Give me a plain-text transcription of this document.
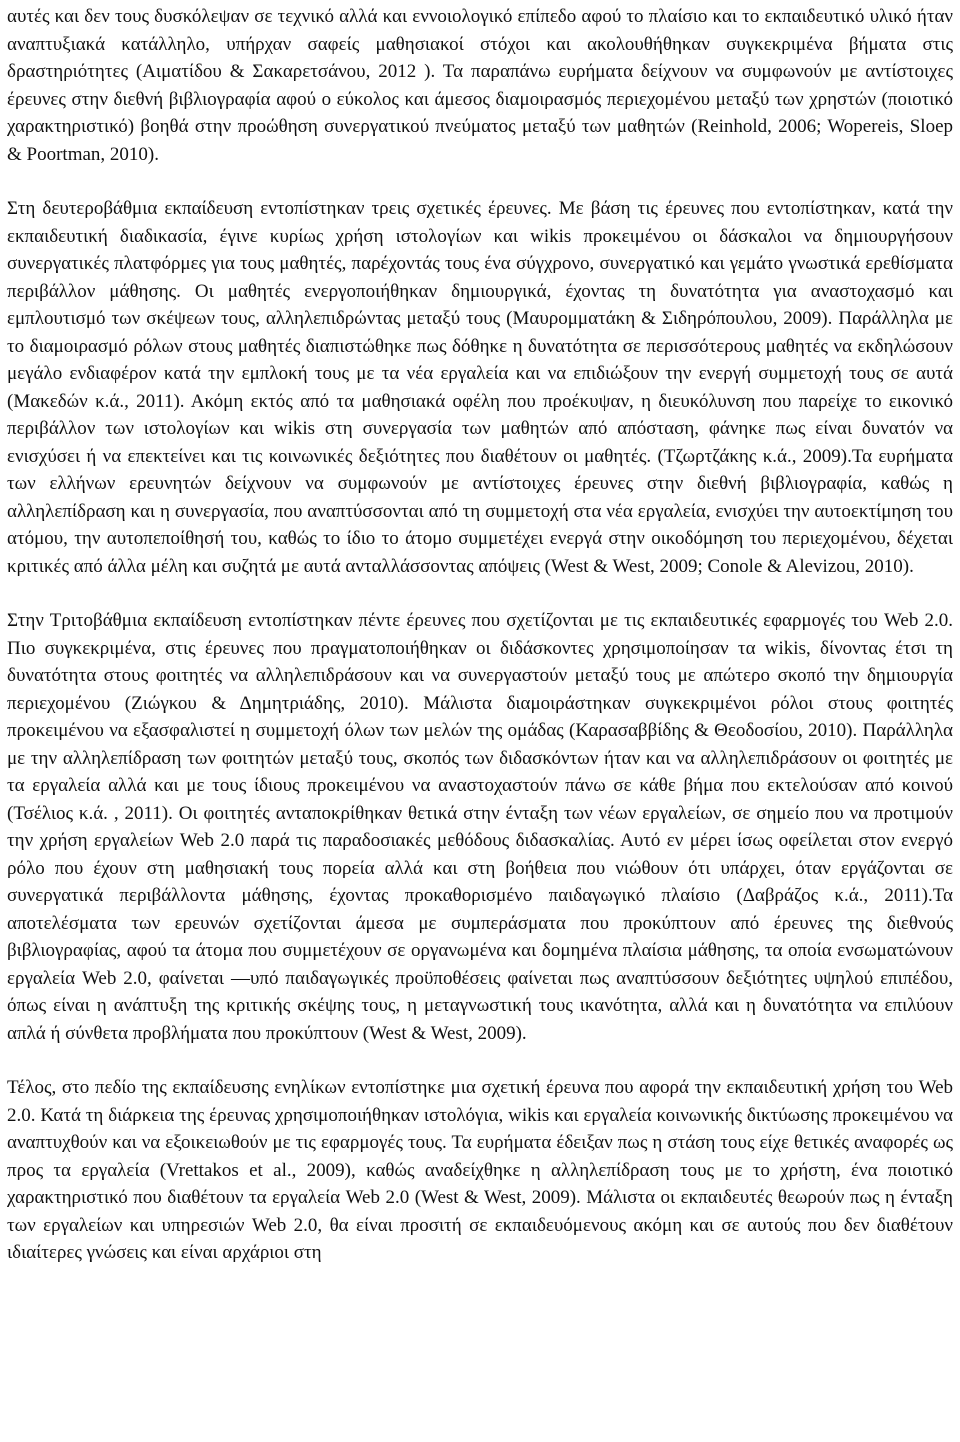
αυτές και δεν τους δυσκόλεψαν σε τεχνικό αλλά και εννοιολογικό επίπεδο αφού το πλαίσιο και το εκπαιδευτικό υλικό ήταν αναπτυξιακά κατάλληλο, υπήρχαν σαφείς μαθησιακοί στόχοι και ακολουθήθηκαν συγκεκριμένα βήματα στις δραστηριότητες (Αιματίδου & Σακαρετσάνου, 2012 ). Τα παραπάνω ευρήματα δείχνουν να συμφωνούν με αντίστοιχες έρευνες στην διεθνή βιβλιογραφία αφού ο εύκολος και άμεσος διαμοιρασμός περιεχομένου μεταξύ των χρηστών (ποιοτικό χαρακτηριστικό) βοηθά στην προώθηση συνεργατικού πνεύματος μεταξύ των μαθητών (Reinhold, 2006; Wopereis, Sloep & Poortman, 2010).

Στη δευτεροβάθμια εκπαίδευση εντοπίστηκαν τρεις σχετικές έρευνες. Με βάση τις έρευνες που εντοπίστηκαν, κατά την εκπαιδευτική διαδικασία, έγινε κυρίως χρήση ιστολογίων και wikis προκειμένου οι δάσκαλοι να δημιουργήσουν συνεργατικές πλατφόρμες για τους μαθητές, παρέχοντάς τους ένα σύγχρονο, συνεργατικό και γεμάτο γνωστικά ερεθίσματα περιβάλλον μάθησης. Οι μαθητές ενεργοποιήθηκαν δημιουργικά, έχοντας τη δυνατότητα για αναστοχασμό και εμπλουτισμό των σκέψεων τους, αλληλεπιδρώντας μεταξύ τους (Μαυρομματάκη & Σιδηρόπουλου, 2009). Παράλληλα με το διαμοιρασμό ρόλων στους μαθητές διαπιστώθηκε πως δόθηκε η δυνατότητα σε περισσότερους μαθητές να εκδηλώσουν μεγάλο ενδιαφέρον κατά την εμπλοκή τους με τα νέα εργαλεία και να επιδιώξουν την ενεργή συμμετοχή τους σε αυτά (Μακεδών κ.ά., 2011). Ακόμη εκτός από τα μαθησιακά οφέλη που προέκυψαν, η διευκόλυνση που παρείχε το εικονικό περιβάλλον των ιστολογίων και wikis στη συνεργασία των μαθητών από απόσταση, φάνηκε πως είναι δυνατόν να ενισχύσει ή να επεκτείνει και τις κοινωνικές δεξιότητες που διαθέτουν οι μαθητές. (Τζωρτζάκης κ.ά., 2009).Τα ευρήματα των ελλήνων ερευνητών δείχνουν να συμφωνούν με αντίστοιχες έρευνες στην διεθνή βιβλιογραφία, καθώς η αλληλεπίδραση και η συνεργασία, που αναπτύσσονται από τη συμμετοχή στα νέα εργαλεία, ενισχύει την αυτοεκτίμηση του ατόμου, την αυτοπεποίθησή του, καθώς το ίδιο το άτομο συμμετέχει ενεργά στην οικοδόμηση του περιεχομένου, δέχεται κριτικές από άλλα μέλη και συζητά με αυτά ανταλλάσσοντας απόψεις (West & West, 2009; Conole & Alevizou, 2010).

Στην Τριτοβάθμια εκπαίδευση εντοπίστηκαν πέντε έρευνες που σχετίζονται με τις εκπαιδευτικές εφαρμογές του Web 2.0. Πιο συγκεκριμένα, στις έρευνες που πραγματοποιήθηκαν οι διδάσκοντες χρησιμοποίησαν τα wikis, δίνοντας έτσι τη δυνατότητα στους φοιτητές να αλληλεπιδράσουν και να συνεργαστούν μεταξύ τους με απώτερο σκοπό την δημιουργία περιεχομένου (Ζιώγκου & Δημητριάδης, 2010). Μάλιστα διαμοιράστηκαν συγκεκριμένοι ρόλοι στους φοιτητές προκειμένου να εξασφαλιστεί η συμμετοχή όλων των μελών της ομάδας (Καρασαββίδης & Θεοδοσίου, 2010). Παράλληλα με την αλληλεπίδραση των φοιτητών μεταξύ τους, σκοπός των διδασκόντων ήταν και να αλληλεπιδράσουν οι φοιτητές με τα εργαλεία αλλά και με τους ίδιους προκειμένου να αναστοχαστούν πάνω σε κάθε βήμα που εκτελούσαν από κοινού (Τσέλιος κ.ά. , 2011). Οι φοιτητές ανταποκρίθηκαν θετικά στην ένταξη των νέων εργαλείων, σε σημείο που να προτιμούν την χρήση εργαλείων Web 2.0 παρά τις παραδοσιακές μεθόδους διδασκαλίας. Αυτό εν μέρει ίσως οφείλεται στον ενεργό ρόλο που έχουν στη μαθησιακή τους πορεία αλλά και στη βοήθεια που νιώθουν ότι υπάρχει, όταν εργάζονται σε συνεργατικά περιβάλλοντα μάθησης, έχοντας προκαθορισμένο παιδαγωγικό πλαίσιο (Δαβράζος κ.ά., 2011).Τα αποτελέσματα των ερευνών σχετίζονται άμεσα με συμπεράσματα που προκύπτουν από έρευνες της διεθνούς βιβλιογραφίας, αφού τα άτομα που συμμετέχουν σε οργανωμένα και δομημένα πλαίσια μάθησης, τα οποία ενσωματώνουν εργαλεία Web 2.0, φαίνεται —υπό παιδαγωγικές προϋποθέσεις φαίνεται πως αναπτύσσουν δεξιότητες υψηλού επιπέδου, όπως είναι η ανάπτυξη της κριτικής σκέψης τους, η μεταγνωστική τους ικανότητα, αλλά και η δυνατότητα να επιλύουν απλά ή σύνθετα προβλήματα που προκύπτουν (West & West, 2009).

Τέλος, στο πεδίο της εκπαίδευσης ενηλίκων εντοπίστηκε μια σχετική έρευνα που αφορά την εκπαιδευτική χρήση του Web 2.0. Κατά τη διάρκεια της έρευνας χρησιμοποιήθηκαν ιστολόγια, wikis και εργαλεία κοινωνικής δικτύωσης προκειμένου να αναπτυχθούν και να εξοικειωθούν με τις εφαρμογές τους. Τα ευρήματα έδειξαν πως η στάση τους είχε θετικές αναφορές ως προς τα εργαλεία (Vrettakos et al., 2009), καθώς αναδείχθηκε η αλληλεπίδραση τους με το χρήστη, ένα ποιοτικό χαρακτηριστικό που διαθέτουν τα εργαλεία Web 2.0 (West & West, 2009). Μάλιστα οι εκπαιδευτές θεωρούν πως η ένταξη των εργαλείων και υπηρεσιών Web 2.0, θα είναι προσιτή σε εκπαιδευόμενους ακόμη και σε αυτούς που δεν διαθέτουν ιδιαίτερες γνώσεις και είναι αρχάριοι στη
